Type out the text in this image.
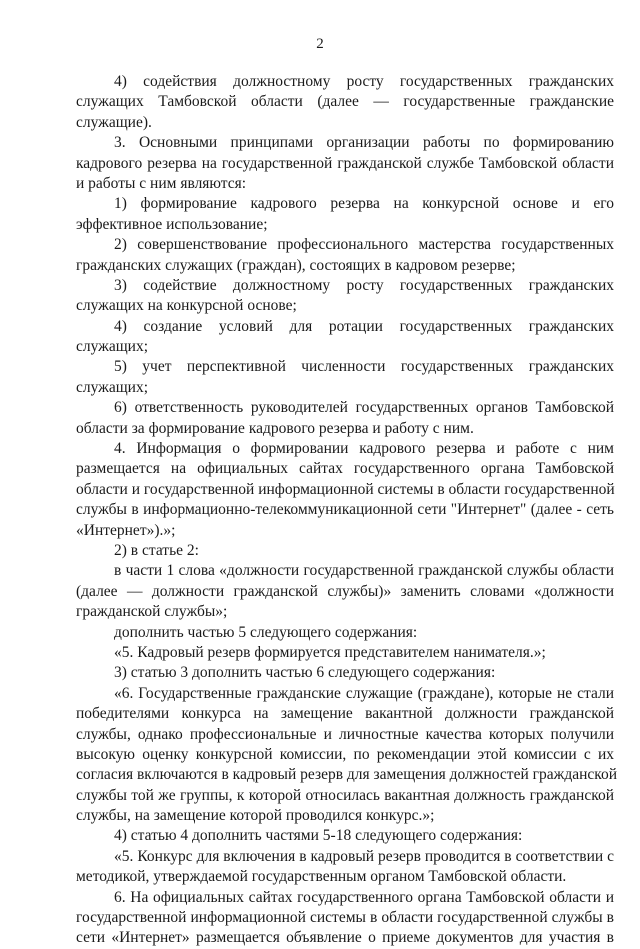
2
4) содействия должностному росту государственных гражданских
служащих Тамбовской области (далее — государственные гражданские
служащие).
3. Основными принципами организации работы по формированию
кадрового резерва на государственной гражданской службе Тамбовской области
и работы с ним являются:
1) формирование кадрового резерва на конкурсной основе и его
эффективное использование;
2) совершенствование профессионального мастерства государственных
гражданских служащих (граждан), состоящих в кадровом резерве;
3) содействие должностному росту государственных гражданских
служащих на конкурсной основе;
4) создание условий для ротации государственных гражданских
служащих;
5) учет перспективной численности государственных гражданских
служащих;
6) ответственность руководителей государственных органов Тамбовской
области за формирование кадрового резерва и работу с ним.
4. Информация о формировании кадрового резерва и работе с ним
размещается на официальных сайтах государственного органа Тамбовской
области и государственной информационной системы в области государственной
службы в информационно-телекоммуникационной сети "Интернет" (далее - сеть
«Интернет»).»;
2) в статье 2:
в части 1 слова «должности государственной гражданской службы области
(далее — должности гражданской службы)» заменить словами «должности
гражданской службы»;
дополнить частью 5 следующего содержания:
«5. Кадровый резерв формируется представителем нанимателя.»;
3) статью 3 дополнить частью 6 следующего содержания:
«6. Государственные гражданские служащие (граждане), которые не стали
победителями конкурса на замещение вакантной должности гражданской
службы, однако профессиональные и личностные качества которых получили
высокую оценку конкурсной комиссии, по рекомендации этой комиссии с их
согласия включаются в кадровый резерв для замещения должностей гражданской
службы той же группы, к которой относилась вакантная должность гражданской
службы, на замещение которой проводился конкурс.»;
4) статью 4 дополнить частями 5-18 следующего содержания:
«5. Конкурс для включения в кадровый резерв проводится в соответствии с
методикой, утверждаемой государственным органом Тамбовской области.
6. На официальных сайтах государственного органа Тамбовской области и
государственной информационной системы в области государственной службы в
сети «Интернет» размещается объявление о приеме документов для участия в
